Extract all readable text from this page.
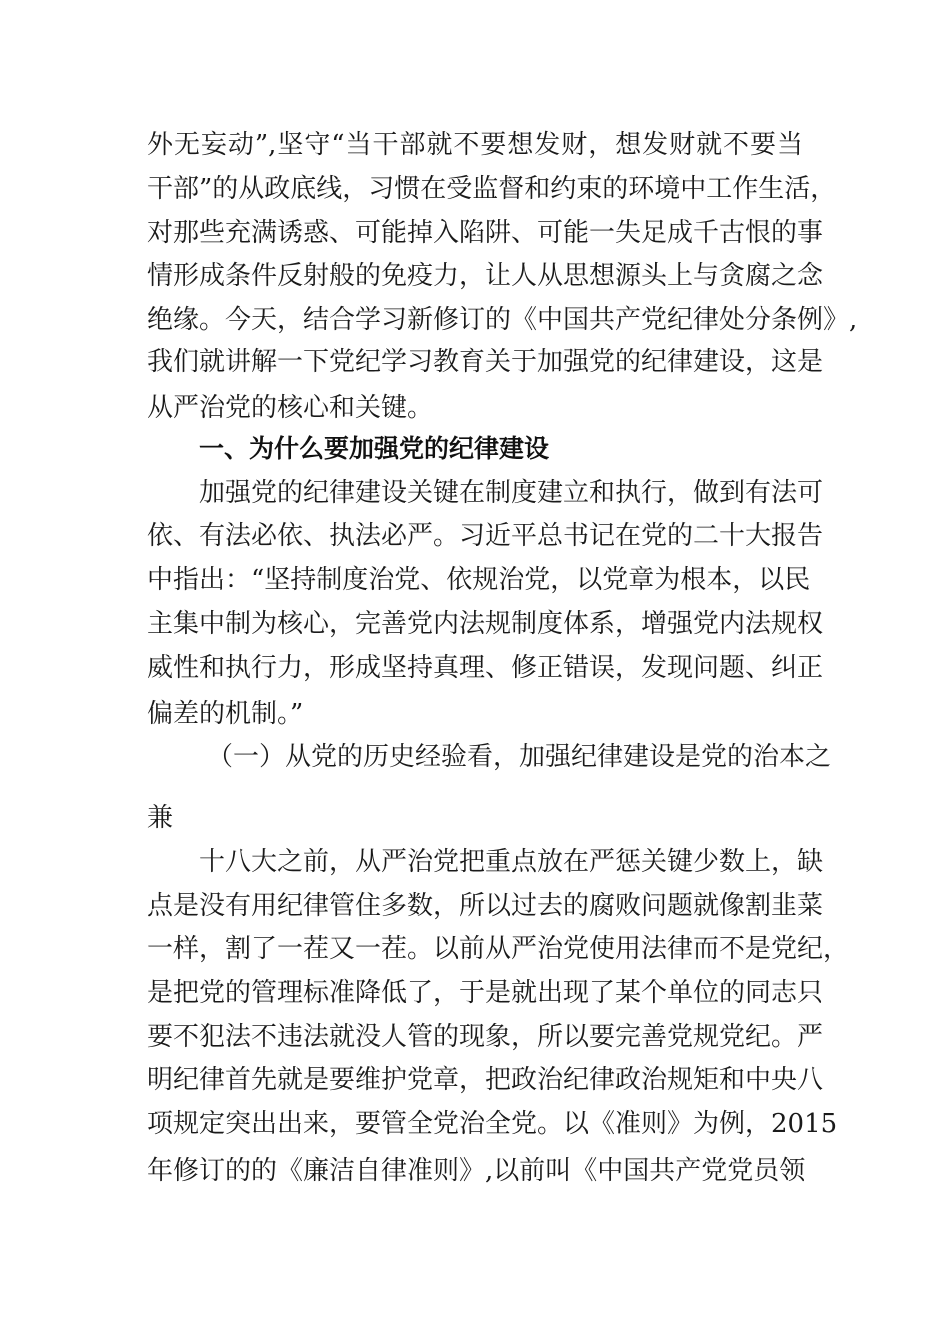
外无妄动”,坚守“当干部就不要想发财，想发财就不要当
干部”的从政底线，习惯在受监督和约束的环境中工作生活，
对那些充满诱惑、可能掉入陷阱、可能一失足成千古恨的事
情形成条件反射般的免疫力，让人从思想源头上与贪腐之念
绝缘。今天，结合学习新修订的《中国共产党纪律处分条例》,
我们就讲解一下党纪学习教育关于加强党的纪律建设，这是
从严治党的核心和关键。
一、为什么要加强党的纪律建设
加强党的纪律建设关键在制度建立和执行，做到有法可
依、有法必依、执法必严。习近平总书记在党的二十大报告
中指出：“坚持制度治党、依规治党，以党章为根本，以民
主集中制为核心，完善党内法规制度体系，增强党内法规权
威性和执行力，形成坚持真理、修正错误，发现问题、纠正
偏差的机制。”
（一）从党的历史经验看，加强纪律建设是党的治本之
兼
十八大之前，从严治党把重点放在严惩关键少数上，缺
点是没有用纪律管住多数，所以过去的腐败问题就像割韭菜
一样，割了一茬又一茬。以前从严治党使用法律而不是党纪，
是把党的管理标准降低了，于是就出现了某个单位的同志只
要不犯法不违法就没人管的现象，所以要完善党规党纪。严
明纪律首先就是要维护党章，把政治纪律政治规矩和中央八
项规定突出出来，要管全党治全党。以《准则》为例，2015
年修订的的《廉洁自律准则》,以前叫《中国共产党党员领
